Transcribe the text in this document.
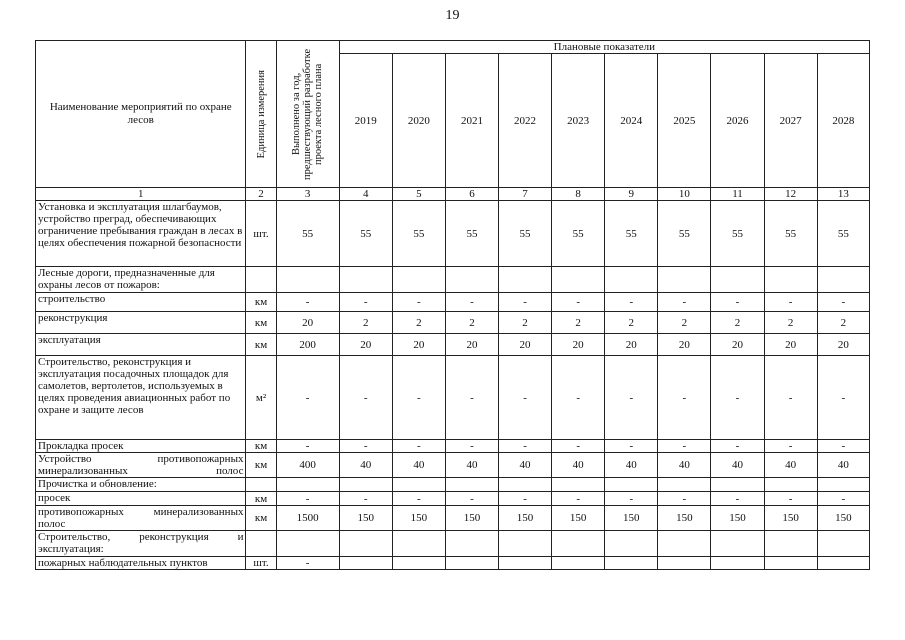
19
Наименование мероприятий по охране лесов	Единица измерения	Выполнено за год, предшествующий разработке проекта лесного плана	Плановые показатели									
			2019	2020	2021	2022	2023	2024	2025	2026	2027	2028
1	2	3	4	5	6	7	8	9	10	11	12	13
Установка и эксплуатация шлагбаумов, устройство преград, обеспечивающих ограничение пребывания граждан в лесах в целях обеспечения пожарной безопасности	шт.	55	55	55	55	55	55	55	55	55	55	55
Лесные дороги, предназначенные для охраны лесов от пожаров:												
строительство	км	-	-	-	-	-	-	-	-	-	-	-
реконструкция	км	20	2	2	2	2	2	2	2	2	2	2
эксплуатация	км	200	20	20	20	20	20	20	20	20	20	20
Строительство, реконструкция и эксплуатация посадочных площадок для самолетов, вертолетов, используемых в целях проведения авиационных работ по охране и защите лесов	м²	-	-	-	-	-	-	-	-	-	-	-
Прокладка просек	км	-	-	-	-	-	-	-	-	-	-	-
Устройство противопожарных минерализованных полос	км	400	40	40	40	40	40	40	40	40	40	40
Прочистка и обновление:												
просек	км	-	-	-	-	-	-	-	-	-	-	-
противопожарных минерализованных полос	км	1500	150	150	150	150	150	150	150	150	150	150
Строительство, реконструкция и эксплуатация:												
пожарных наблюдательных пунктов	шт.	-										
